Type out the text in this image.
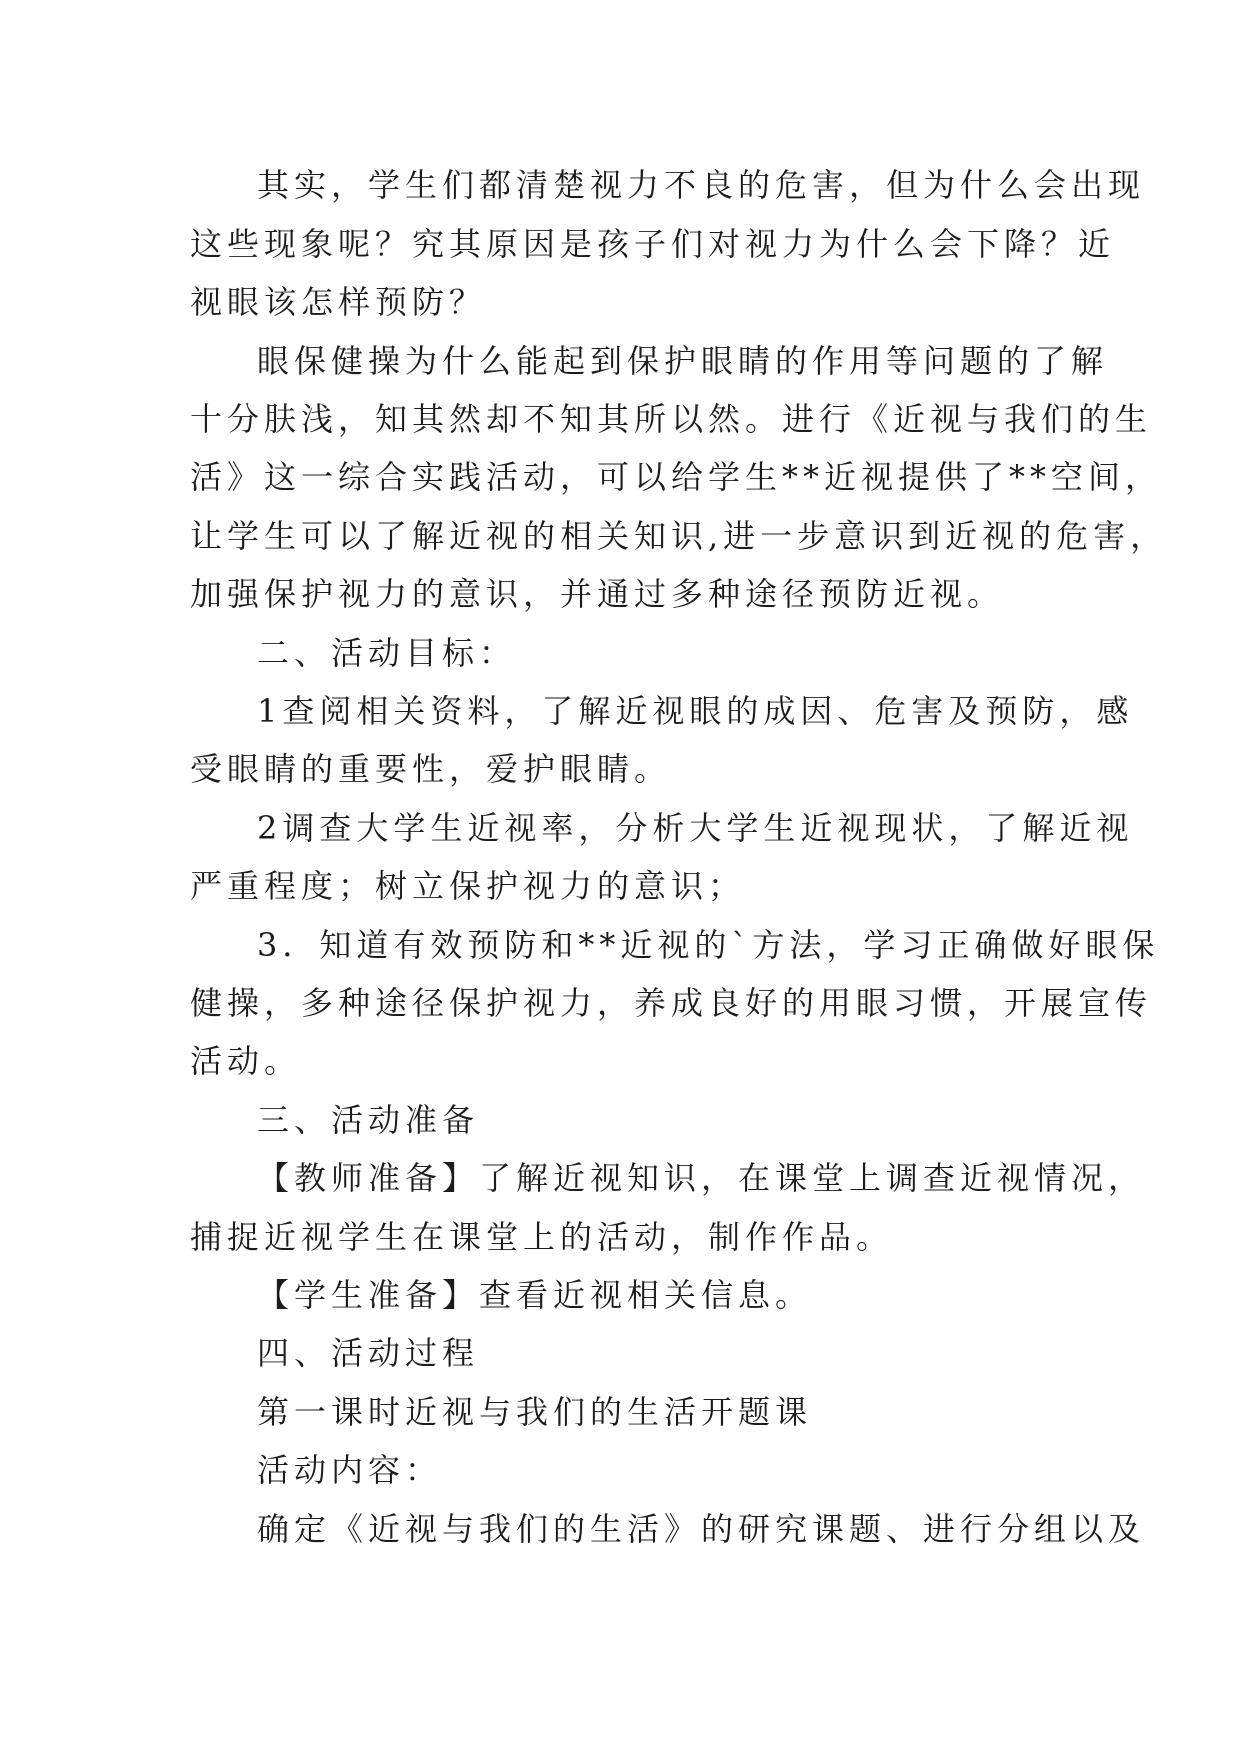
其实，学生们都清楚视力不良的危害，但为什么会出现

这些现象呢？究其原因是孩子们对视力为什么会下降？近

视眼该怎样预防？

眼保健操为什么能起到保护眼睛的作用等问题的了解

十分肤浅，知其然却不知其所以然。进行《近视与我们的生

活》这一综合实践活动，可以给学生**近视提供了**空间，

让学生可以了解近视的相关知识,进一步意识到近视的危害，

加强保护视力的意识，并通过多种途径预防近视。

二、活动目标：

1查阅相关资料，了解近视眼的成因、危害及预防，感

受眼睛的重要性，爱护眼睛。

2调查大学生近视率，分析大学生近视现状，了解近视

严重程度；树立保护视力的意识；

3．知道有效预防和**近视的`方法，学习正确做好眼保

健操，多种途径保护视力，养成良好的用眼习惯，开展宣传

活动。

三、活动准备

【教师准备】了解近视知识，在课堂上调查近视情况，

捕捉近视学生在课堂上的活动，制作作品。

【学生准备】查看近视相关信息。

四、活动过程

第一课时近视与我们的生活开题课

活动内容：

确定《近视与我们的生活》的研究课题、进行分组以及
